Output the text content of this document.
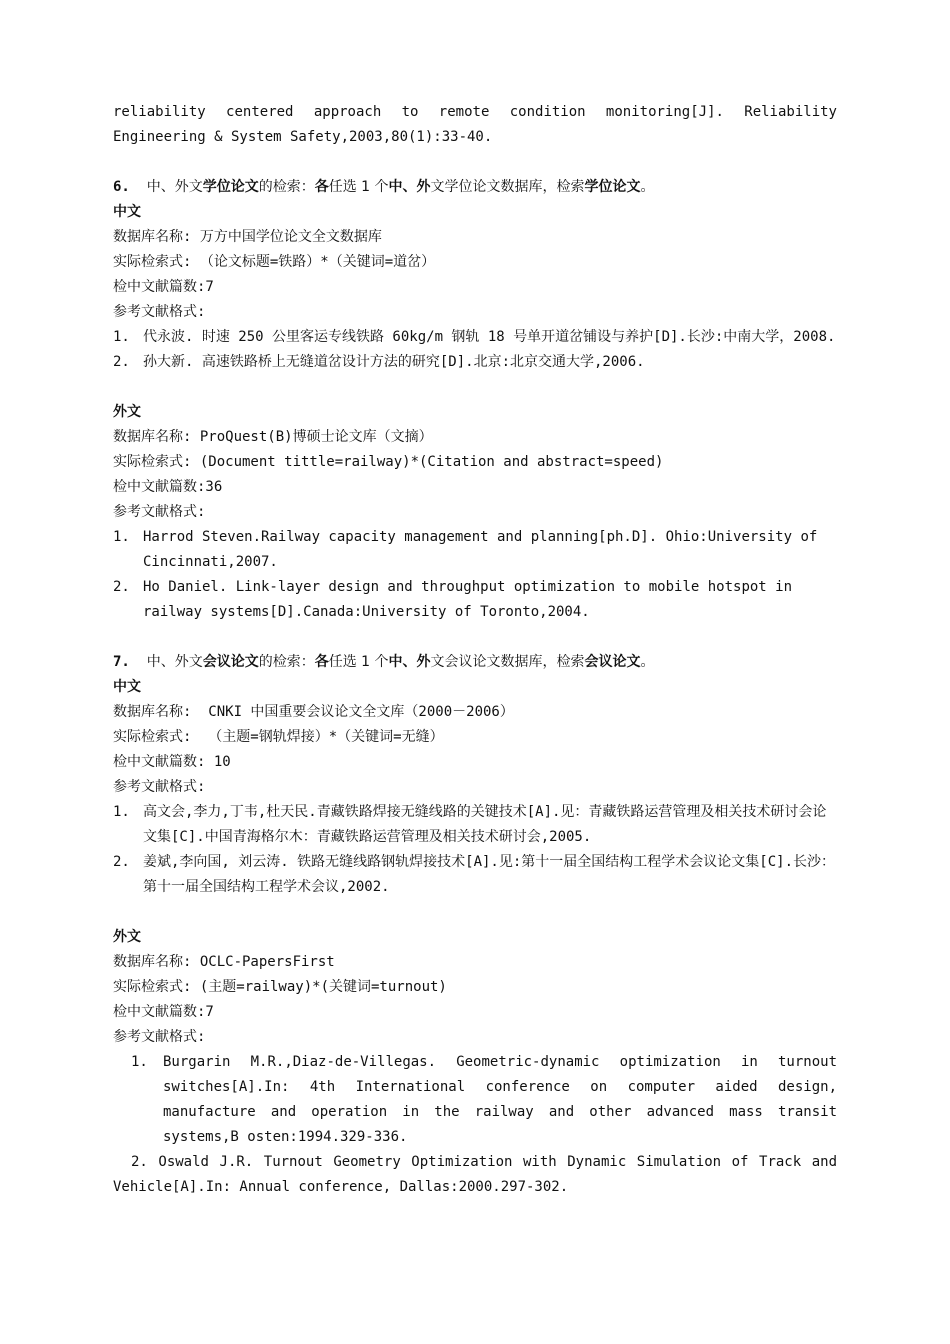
reliability centered approach to remote condition monitoring[J]. Reliability
Engineering & System Safety,2003,80(1):33-40.
6. 中、外文学位论文的检索：各任选 1 个中、外文学位论文数据库，检索学位论文。
中文
数据库名称: 万方中国学位论文全文数据库
实际检索式: （论文标题=铁路）*（关键词=道岔）
检中文献篇数:7
参考文献格式:
1. 代永波. 时速 250 公里客运专线铁路 60kg/m 钢轨 18 号单开道岔铺设与养护[D].长沙:中南大学，2008.
2. 孙大新. 高速铁路桥上无缝道岔设计方法的研究[D].北京:北京交通大学,2006.
外文
数据库名称: ProQuest(B)博硕士论文库（文摘）
实际检索式: (Document tittle=railway)*(Citation and abstract=speed)
检中文献篇数:36
参考文献格式:
1. Harrod Steven.Railway capacity management and planning[ph.D]. Ohio:University of Cincinnati,2007.
2. Ho Daniel. Link-layer design and throughput optimization to mobile hotspot in railway systems[D].Canada:University of Toronto,2004.
7. 中、外文会议论文的检索：各任选 1 个中、外文会议论文数据库，检索会议论文。
中文
数据库名称:  CNKI 中国重要会议论文全文库（2000－2006）
实际检索式:  （主题=钢轨焊接）*（关键词=无缝）
检中文献篇数: 10
参考文献格式:
1. 高文会,李力,丁韦,杜天民.青藏铁路焊接无缝线路的关键技术[A].见：青藏铁路运营管理及相关技术研讨会论文集[C].中国青海格尔木：青藏铁路运营管理及相关技术研讨会,2005.
2. 姜斌,李向国, 刘云涛. 铁路无缝线路钢轨焊接技术[A].见:第十一届全国结构工程学术会议论文集[C].长沙：第十一届全国结构工程学术会议,2002.
外文
数据库名称: OCLC-PapersFirst
实际检索式: (主题=railway)*(关键词=turnout)
检中文献篇数:7
参考文献格式:
1.	Burgarin M.R.,Diaz-de-Villegas. Geometric-dynamic optimization in turnout switches[A].In: 4th International conference on computer aided design, manufacture and operation in the railway and other advanced mass transit systems,B osten:1994.329-336.
2. Oswald J.R. Turnout Geometry Optimization with Dynamic Simulation of Track and
Vehicle[A].In: Annual conference, Dallas:2000.297-302.
